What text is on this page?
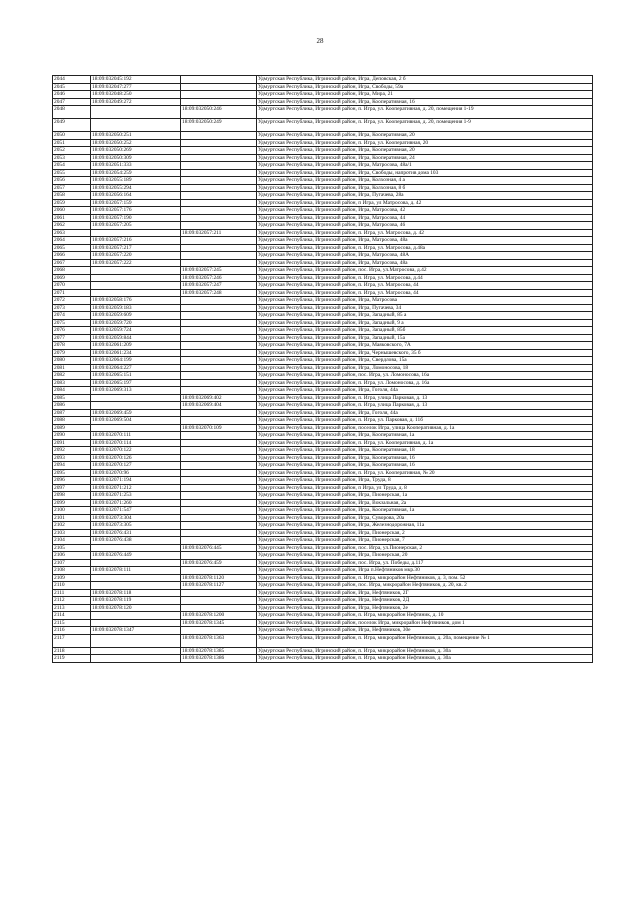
28
2044	18:09:032045:192		Удмуртская Республика, Игринский район, Игра, Деповская, 2 б
2045	18:09:032047:277		Удмуртская Республика, Игринский район, Игра, Свободы, 59а
2046	18:09:032048:250		Удмуртская Республика, Игринский район, Игра, Мира, 21
2047	18:09:032049:272		Удмуртская Республика, Игринский район, Игра, Кооперативная, 16
2048		18:09:032050:246	Удмуртская Республика, Игринский район, п. Игра, ул. Кооперативная, д. 20, помещения 1-19
2049		18:09:032050:249	Удмуртская Республика, Игринский район, п. Игра, ул. Кооперативная, д. 20, помещения 1-9
2050	18:09:032050:251		Удмуртская Республика, Игринский район, Игра, Кооперативная, 20
2051	18:09:032050:252		Удмуртская Республика, Игринский район, п. Игра, ул. Кооперативная, 20
2052	18:09:032050:269		Удмуртская Республика, Игринский район, Игра, Кооперативная, 20
2053	18:09:032050:309		Удмуртская Республика, Игринский район, Игра, Кооперативная, 24
2054	18:09:032051:333		Удмуртская Республика, Игринский район, Игра, Матросова, 48а/1
2055	18:09:032054:259		Удмуртская Республика, Игринский район, Игра, Свободы, напротив дома 103
2056	18:09:032055:189		Удмуртская Республика, Игринский район, Игра, Колхозная, 4 а
2057	18:09:032055:294		Удмуртская Республика, Игринский район, Игра, Колхозная, 8 б
2058	18:09:032056:164		Удмуртская Республика, Игринский район, Игра, Пугачева, 28а
2059	18:09:032057:159		Удмуртская Республика, Игринский район, п Игра, ул Матросова, д. 42
2060	18:09:032057:176		Удмуртская Республика, Игринский район, Игра, Матросова, 42
2061	18:09:032057:190		Удмуртская Республика, Игринский район, Игра, Матросова, 44
2062	18:09:032057:205		Удмуртская Республика, Игринский район, Игра, Матросова, 46
2063		18:09:032057:211	Удмуртская Республика, Игринский район, п. Игра, ул. Матросова, д. 42
2064	18:09:032057:216		Удмуртская Республика, Игринский район, Игра, Матросова, 48а
2065	18:09:032057:217		Удмуртская Республика, Игринский район, п. Игра, ул. Матросова, д.48а
2066	18:09:032057:220		Удмуртская Республика, Игринский район, Игра, Матросова, 48А
2067	18:09:032057:222		Удмуртская Республика, Игринский район, Игра, Матросова, 48а
2068		18:09:032057:245	Удмуртская Республика, Игринский район, пос. Игра, ул.Матросова, д.42
2069		18:09:032057:246	Удмуртская Республика, Игринский район, п. Игра, ул. Матросова, д.44
2070		18:09:032057:247	Удмуртская Республика, Игринский район, п. Игра, ул. Матросова, 44
2071		18:09:032057:248	Удмуртская Республика, Игринский район, п. Игра, ул. Матросова, 44
2072	18:09:032058:176		Удмуртская Республика, Игринский район, Игра, Матросова
2073	18:09:032059:183		Удмуртская Республика, Игринский район, Игра, Пугачева, 34
2074	18:09:032059:609		Удмуртская Республика, Игринский район, Игра, Западный, 85 а
2075	18:09:032059:720		Удмуртская Республика, Игринский район, Игра, Западный, 9 а
2076	18:09:032059:724		Удмуртская Республика, Игринский район, Игра, Западный, 85б
2077	18:09:032059:844		Удмуртская Республика, Игринский район, Игра, Западный, 15а
2078	18:09:032061:209		Удмуртская Республика, Игринский район, Игра, Маяковского, 7А
2079	18:09:032061:234		Удмуртская Республика, Игринский район, Игра, Чернышевского, 35 б
2080	18:09:032064:199		Удмуртская Республика, Игринский район, Игра, Свердлова, 15а
2081	18:09:032064:227		Удмуртская Республика, Игринский район, Игра, Ломоносова, 18
2082	18:09:032065:151		Удмуртская Республика, Игринский район, пос. Игра, ул. Ломоносова, 16а
2083	18:09:032065:197		Удмуртская Республика, Игринский район, п. Игра, ул. Ломоносова, д. 16а
2084	18:09:032069:313		Удмуртская Республика, Игринский район, Игра, Гоголя, 44а
2085		18:09:032069:402	Удмуртская Республика, Игринский район, п. Игра, улица Парковая, д. 13
2086		18:09:032069:404	Удмуртская Республика, Игринский район, п. Игра, улица Парковая, д. 13
2087	18:09:032069:459		Удмуртская Республика, Игринский район, Игра, Гоголя, 44а
2088	18:09:032069:504		Удмуртская Республика, Игринский район, п. Игра, ул. Парковая, д. 11б
2089		18:09:032070:109	Удмуртская Республика, Игринский район, поселок Игра, улица Кооперативная, д. 1а
2090	18:09:032070:111		Удмуртская Республика, Игринский район, Игра, Кооперативная, 1а
2091	18:09:032070:114		Удмуртская Республика, Игринский район, п. Игра, ул. Кооперативная, д. 1а
2092	18:09:032070:122		Удмуртская Республика, Игринский район, Игра, Кооперативная, 18
2093	18:09:032070:126		Удмуртская Республика, Игринский район, Игра, Кооперативная, 16
2094	18:09:032070:127		Удмуртская Республика, Игринский район, Игра, Кооперативная, 16
2095	18:09:032070:96		Удмуртская Республика, Игринский район, п. Игра, ул. Кооперативная, № 20
2096	18:09:032071:194		Удмуртская Республика, Игринский район, Игра, Труда, 8
2097	18:09:032071:212		Удмуртская Республика, Игринский район, п Игра, ул Труда, д. 8
2098	18:09:032071:253		Удмуртская Республика, Игринский район, Игра, Пионерская, 1а
2099	18:09:032071:260		Удмуртская Республика, Игринский район, Игра, Вокзальная, 2а
2100	18:09:032071:547		Удмуртская Республика, Игринский район, Игра, Кооперативная, 1а
2101	18:09:032073:304		Удмуртская Республика, Игринский район, Игра, Суворова, 20а
2102	18:09:032073:305		Удмуртская Республика, Игринский район, Игра, Железнодорожная, 11а
2103	18:09:032076:431		Удмуртская Республика, Игринский район, Игра, Пионерская, 2
2104	18:09:032076:438		Удмуртская Республика, Игринский район, Игра, Пионерская, 7
2105		18:09:032076:445	Удмуртская Республика, Игринский район, пос. Игра, ул.Пионерская, 2
2106	18:09:032076:449		Удмуртская Республика, Игринский район, Игра, Пионерская, 20
2107		18:09:032076:459	Удмуртская Республика, Игринский район, пос. Игра, ул. Победы, д.117
2108	18:09:032078:111		Удмуртская Республика, Игринский район, Игра п.Нефтяников мкр.30
2109		18:09:032078:1120	Удмуртская Республика, Игринский район, п. Игра, микрорайон Нефтяников, д. 3, пом. 52
2110		18:09:032078:1127	Удмуртская Республика, Игринский район, пос. Игра, микрорайон Нефтяников, д. 20, кв. 2
2111	18:09:032078:118		Удмуртская Республика, Игринский район, Игра, Нефтяников, 2Г
2112	18:09:032078:119		Удмуртская Республика, Игринский район, Игра, Нефтяников, 2Д
2113	18:09:032078:120		Удмуртская Республика, Игринский район, Игра, Нефтяников, 2е
2114		18:09:032078:1200	Удмуртская Республика, Игринский район, п. Игра, микрорайон Нефтяник, д. 10
2115		18:09:032078:1345	Удмуртская Республика, Игринский район, поселок Игра, микрорайон Нефтяников, дом 1
2116	18:09:032078:1347		Удмуртская Республика, Игринский район, Игра, Нефтяников, 30е
2117		18:09:032078:1363	Удмуртская Республика, Игринский район, п. Игра, микрорайон Нефтяников, д. 20а, помещение № 1
2118		18:09:032078:1385	Удмуртская Республика, Игринский район, п. Игра, микрорайон Нефтяников, д. 30а
2119		18:09:032078:1386	Удмуртская Республика, Игринский район, п. Игра, микрорайон Нефтяников, д. 30а
